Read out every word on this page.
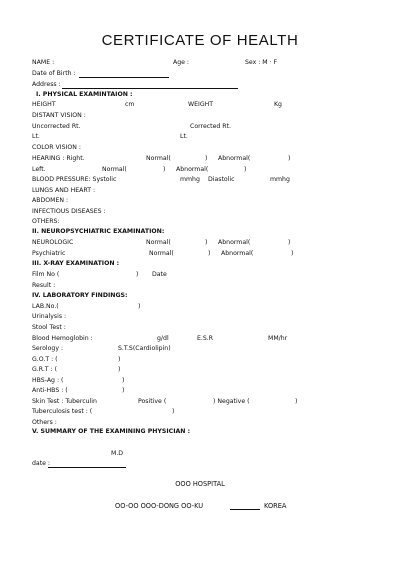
CERTIFICATE OF HEALTH
NAME :	Age :	Sex : M · F
Date of Birth :
Address :
I. PHYSICAL EXAMINTAION :
HEIGHT	cm	WEIGHT	Kg
DISTANT VISION :
Uncorrected Rt.	Corrected Rt.
Lt.	Lt.
COLOR VISION :
HEARING : Right.	Normal(	) Abnormal(	)
Left.	Normal(	) Abnormal(	)
BLOOD PRESSURE: Systolic	mmhg Diastolic	mmhg
LUNGS AND HEART :
ABDOMEN :
INFECTIOUS DISEASES :
OTHERS:
II. NEUROPSYCHIATRIC EXAMINATION:
NEUROLOGIC	Normal(	) Abnormal(	)
Psychiatric	Normal(	) Abnormal(	)
III. X-RAY EXAMINATION :
Film No (	) Date
Result :
IV. LABORATORY FINDINGS:
LAB.No.(	)
Urinalysis :
Stool Test :
Blood Hemoglobin :	g/dl	E.S.R	MM/hr
Serology :	S.T.S(Cardiolipin)
G.O.T : (	)
G.R.T : (	)
HBS-Ag : (	)
Anti-HBS : (	)
Skin Test : Tuberculin	Positive (	) Negative (	)
Tuberculosis test : (	)
Others :
V. SUMMARY OF THE EXAMINING PHYSICIAN :
M.D
date :
OOO HOSPITAL
OO-OO OOO-DONG OO-KU	KOREA
